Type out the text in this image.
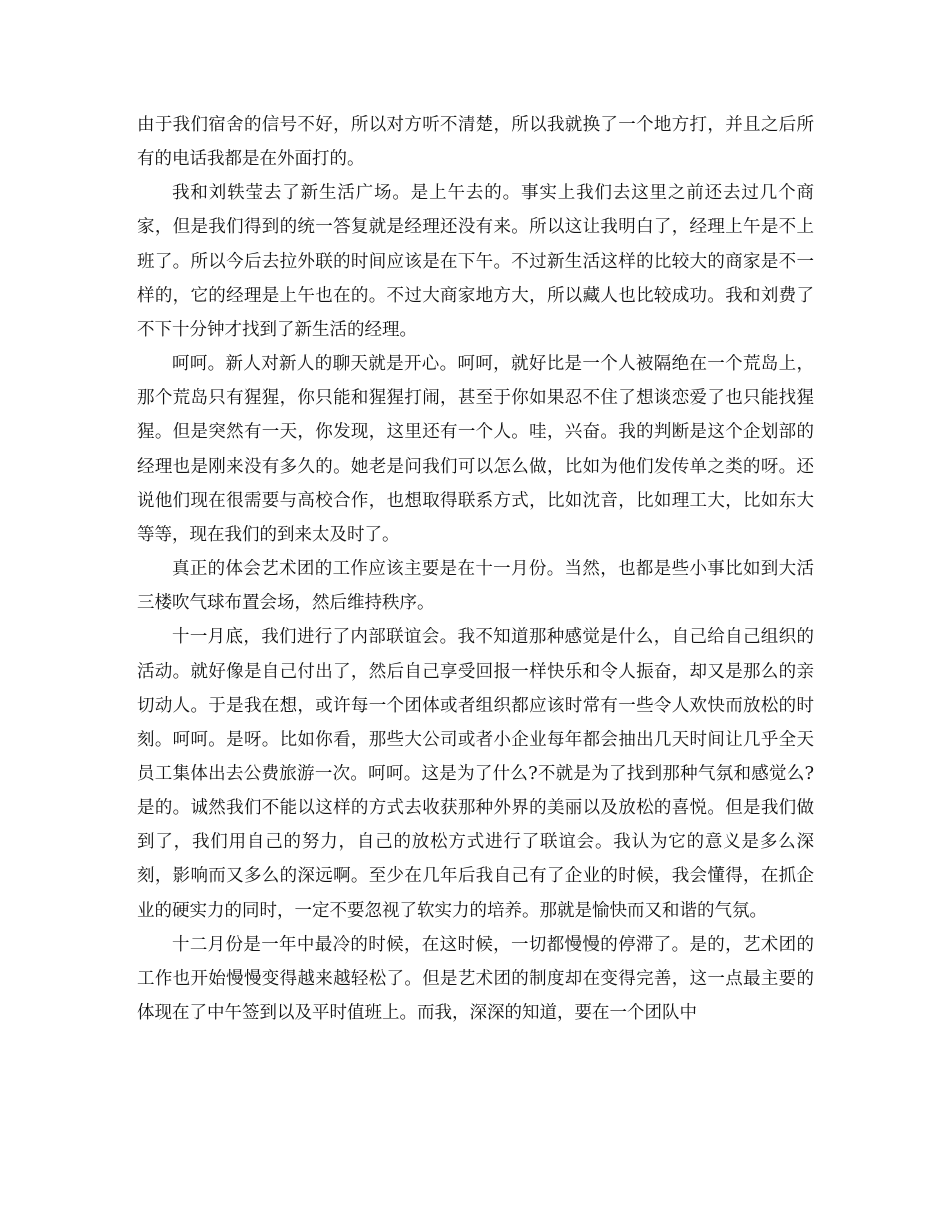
由于我们宿舍的信号不好，所以对方听不清楚，所以我就换了一个地方打，并且之后所有的电话我都是在外面打的。

我和刘轶莹去了新生活广场。是上午去的。事实上我们去这里之前还去过几个商家，但是我们得到的统一答复就是经理还没有来。所以这让我明白了，经理上午是不上班了。所以今后去拉外联的时间应该是在下午。不过新生活这样的比较大的商家是不一样的，它的经理是上午也在的。不过大商家地方大，所以藏人也比较成功。我和刘费了不下十分钟才找到了新生活的经理。

呵呵。新人对新人的聊天就是开心。呵呵，就好比是一个人被隔绝在一个荒岛上，那个荒岛只有猩猩，你只能和猩猩打闹，甚至于你如果忍不住了想谈恋爱了也只能找猩猩。但是突然有一天，你发现，这里还有一个人。哇，兴奋。我的判断是这个企划部的经理也是刚来没有多久的。她老是问我们可以怎么做，比如为他们发传单之类的呀。还说他们现在很需要与高校合作，也想取得联系方式，比如沈音，比如理工大，比如东大等等，现在我们的到来太及时了。

真正的体会艺术团的工作应该主要是在十一月份。当然，也都是些小事比如到大活三楼吹气球布置会场，然后维持秩序。

十一月底，我们进行了内部联谊会。我不知道那种感觉是什么，自己给自己组织的活动。就好像是自己付出了，然后自己享受回报一样快乐和令人振奋，却又是那么的亲切动人。于是我在想，或许每一个团体或者组织都应该时常有一些令人欢快而放松的时刻。呵呵。是呀。比如你看，那些大公司或者小企业每年都会抽出几天时间让几乎全天员工集体出去公费旅游一次。呵呵。这是为了什么?不就是为了找到那种气氛和感觉么?是的。诚然我们不能以这样的方式去收获那种外界的美丽以及放松的喜悦。但是我们做到了，我们用自己的努力，自己的放松方式进行了联谊会。我认为它的意义是多么深刻，影响而又多么的深远啊。至少在几年后我自己有了企业的时候，我会懂得，在抓企业的硬实力的同时，一定不要忽视了软实力的培养。那就是愉快而又和谐的气氛。

十二月份是一年中最冷的时候，在这时候，一切都慢慢的停滞了。是的，艺术团的工作也开始慢慢变得越来越轻松了。但是艺术团的制度却在变得完善，这一点最主要的体现在了中午签到以及平时值班上。而我，深深的知道，要在一个团队中
